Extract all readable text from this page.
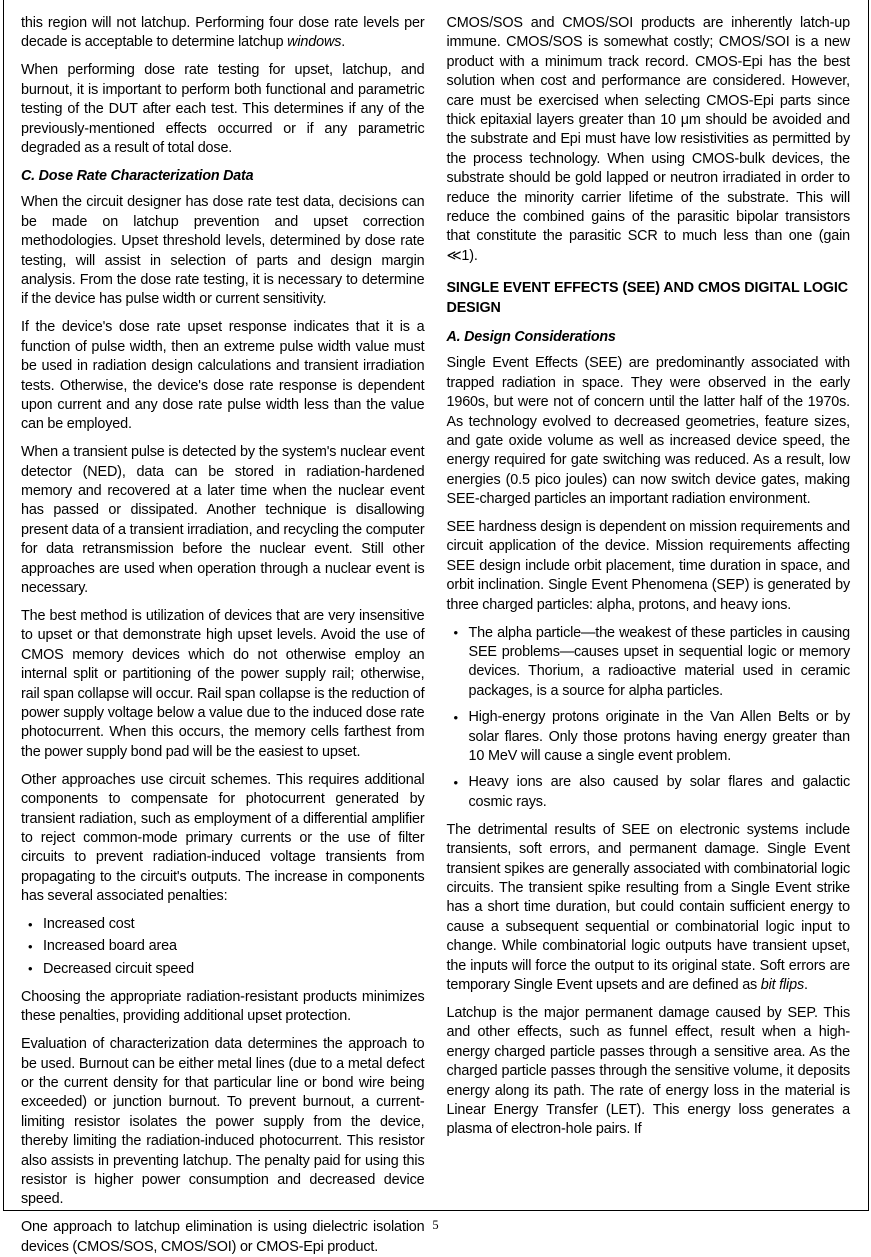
this region will not latchup. Performing four dose rate levels per decade is acceptable to determine latchup windows.

When performing dose rate testing for upset, latchup, and burnout, it is important to perform both functional and parametric testing of the DUT after each test. This determines if any of the previously-mentioned effects occurred or if any parametric degraded as a result of total dose.

C. Dose Rate Characterization Data

When the circuit designer has dose rate test data, decisions can be made on latchup prevention and upset correction methodologies. Upset threshold levels, determined by dose rate testing, will assist in selection of parts and design margin analysis. From the dose rate testing, it is necessary to determine if the device has pulse width or current sensitivity.

If the device's dose rate upset response indicates that it is a function of pulse width, then an extreme pulse width value must be used in radiation design calculations and transient irradiation tests. Otherwise, the device's dose rate response is dependent upon current and any dose rate pulse width less than the value can be employed.

When a transient pulse is detected by the system's nuclear event detector (NED), data can be stored in radiation-hardened memory and recovered at a later time when the nuclear event has passed or dissipated. Another technique is disallowing present data of a transient irradiation, and recycling the computer for data retransmission before the nuclear event. Still other approaches are used when operation through a nuclear event is necessary.

The best method is utilization of devices that are very insensitive to upset or that demonstrate high upset levels. Avoid the use of CMOS memory devices which do not otherwise employ an internal split or partitioning of the power supply rail; otherwise, rail span collapse will occur. Rail span collapse is the reduction of power supply voltage below a value due to the induced dose rate photocurrent. When this occurs, the memory cells farthest from the power supply bond pad will be the easiest to upset.

Other approaches use circuit schemes. This requires additional components to compensate for photocurrent generated by transient radiation, such as employment of a differential amplifier to reject common-mode primary currents or the use of filter circuits to prevent radiation-induced voltage transients from propagating to the circuit's outputs. The increase in components has several associated penalties:

• Increased cost
• Increased board area
• Decreased circuit speed

Choosing the appropriate radiation-resistant products minimizes these penalties, providing additional upset protection.

Evaluation of characterization data determines the approach to be used. Burnout can be either metal lines (due to a metal defect or the current density for that particular line or bond wire being exceeded) or junction burnout. To prevent burnout, a current-limiting resistor isolates the power supply from the device, thereby limiting the radiation-induced photocurrent. This resistor also assists in preventing latchup. The penalty paid for using this resistor is higher power consumption and decreased device speed.

One approach to latchup elimination is using dielectric isolation devices (CMOS/SOS, CMOS/SOI) or CMOS-Epi product.

CMOS/SOS and CMOS/SOI products are inherently latch-up immune. CMOS/SOS is somewhat costly; CMOS/SOI is a new product with a minimum track record. CMOS-Epi has the best solution when cost and performance are considered. However, care must be exercised when selecting CMOS-Epi parts since thick epitaxial layers greater than 10 μm should be avoided and the substrate and Epi must have low resistivities as permitted by the process technology. When using CMOS-bulk devices, the substrate should be gold lapped or neutron irradiated in order to reduce the minority carrier lifetime of the substrate. This will reduce the combined gains of the parasitic bipolar transistors that constitute the parasitic SCR to much less than one (gain ≪1).

SINGLE EVENT EFFECTS (SEE) AND CMOS DIGITAL LOGIC DESIGN
A. Design Considerations

Single Event Effects (SEE) are predominantly associated with trapped radiation in space. They were observed in the early 1960s, but were not of concern until the latter half of the 1970s. As technology evolved to decreased geometries, feature sizes, and gate oxide volume as well as increased device speed, the energy required for gate switching was reduced. As a result, low energies (0.5 pico joules) can now switch device gates, making SEE-charged particles an important radiation environment.

SEE hardness design is dependent on mission requirements and circuit application of the device. Mission requirements affecting SEE design include orbit placement, time duration in space, and orbit inclination. Single Event Phenomena (SEP) is generated by three charged particles: alpha, protons, and heavy ions.

• The alpha particle—the weakest of these particles in causing SEE problems—causes upset in sequential logic or memory devices. Thorium, a radioactive material used in ceramic packages, is a source for alpha particles.
• High-energy protons originate in the Van Allen Belts or by solar flares. Only those protons having energy greater than 10 MeV will cause a single event problem.
• Heavy ions are also caused by solar flares and galactic cosmic rays.

The detrimental results of SEE on electronic systems include transients, soft errors, and permanent damage. Single Event transient spikes are generally associated with combinatorial logic circuits. The transient spike resulting from a Single Event strike has a short time duration, but could contain sufficient energy to cause a subsequent sequential or combinatorial logic input to change. While combinatorial logic outputs have transient upset, the inputs will force the output to its original state. Soft errors are temporary Single Event upsets and are defined as bit flips.

Latchup is the major permanent damage caused by SEP. This and other effects, such as funnel effect, result when a high-energy charged particle passes through a sensitive area. As the charged particle passes through the sensitive volume, it deposits energy along its path. The rate of energy loss in the material is Linear Energy Transfer (LET). This energy loss generates a plasma of electron-hole pairs. If

5
